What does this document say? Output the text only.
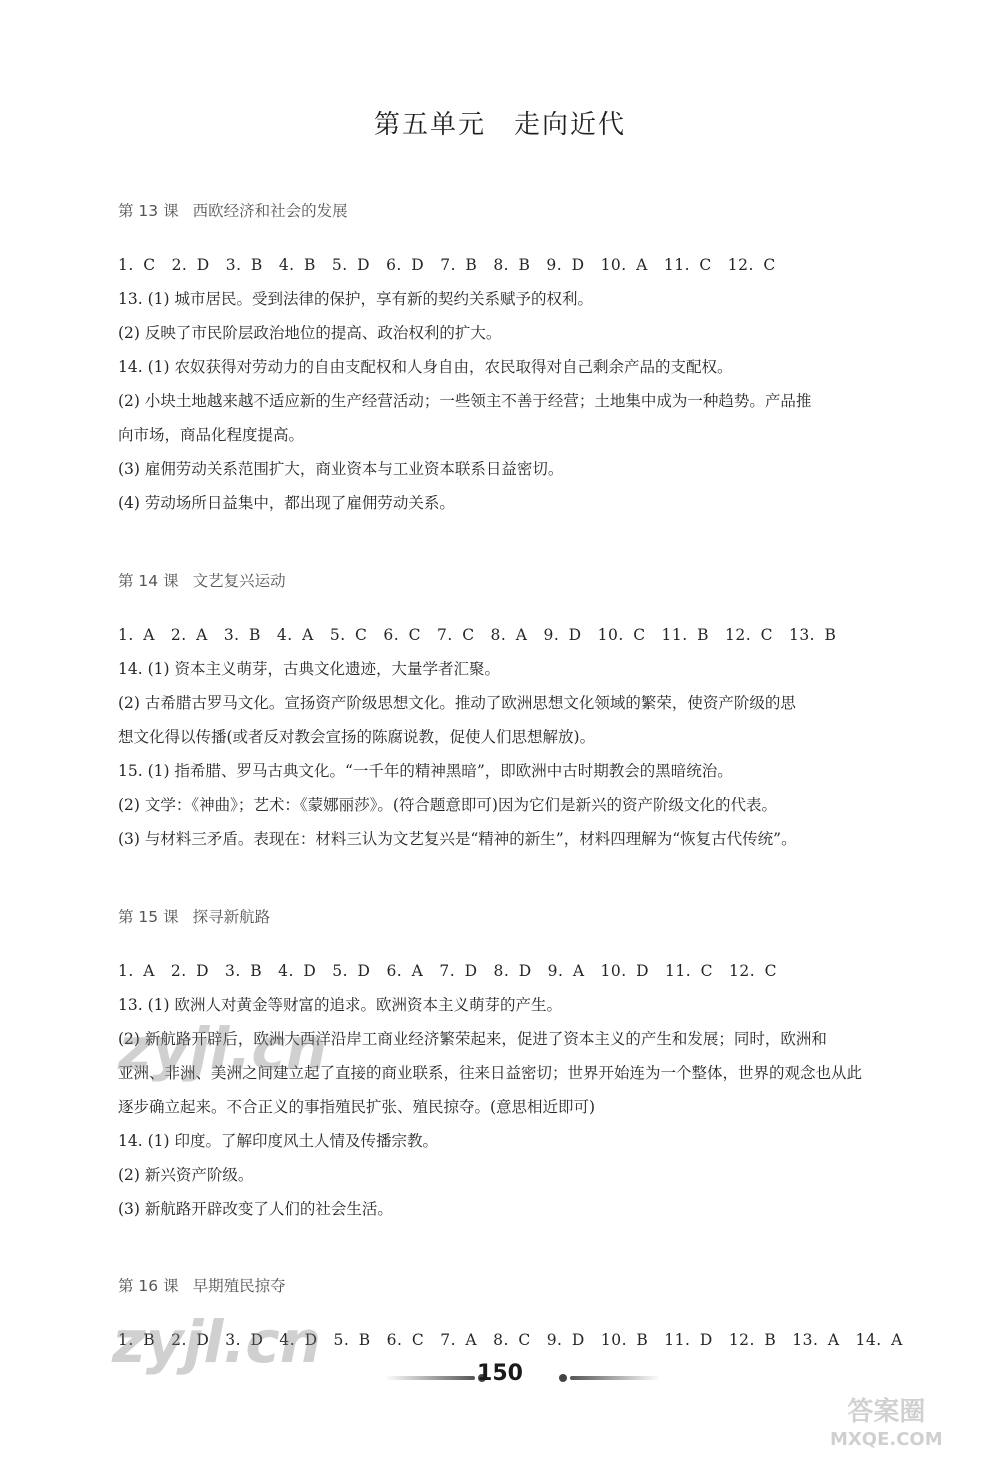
第五单元　走向近代
第 13 课 西欧经济和社会的发展
1. C　2. D　3. B　4. B　5. D　6. D　7. B　8. B　9. D　10. A　11. C　12. C
13. (1) 城市居民。受到法律的保护，享有新的契约关系赋予的权利。
(2) 反映了市民阶层政治地位的提高、政治权利的扩大。
14. (1) 农奴获得对劳动力的自由支配权和人身自由，农民取得对自己剩余产品的支配权。
(2) 小块土地越来越不适应新的生产经营活动；一些领主不善于经营；土地集中成为一种趋势。产品推
向市场，商品化程度提高。
(3) 雇佣劳动关系范围扩大，商业资本与工业资本联系日益密切。
(4) 劳动场所日益集中，都出现了雇佣劳动关系。
第 14 课 文艺复兴运动
1. A　2. A　3. B　4. A　5. C　6. C　7. C　8. A　9. D　10. C　11. B　12. C　13. B
14. (1) 资本主义萌芽，古典文化遗迹，大量学者汇聚。
(2) 古希腊古罗马文化。宣扬资产阶级思想文化。推动了欧洲思想文化领域的繁荣，使资产阶级的思
想文化得以传播(或者反对教会宣扬的陈腐说教，促使人们思想解放)。
15. (1) 指希腊、罗马古典文化。“一千年的精神黑暗”，即欧洲中古时期教会的黑暗统治。
(2) 文学：《神曲》；艺术：《蒙娜丽莎》。(符合题意即可)因为它们是新兴的资产阶级文化的代表。
(3) 与材料三矛盾。表现在：材料三认为文艺复兴是“精神的新生”，材料四理解为“恢复古代传统”。
第 15 课 探寻新航路
1. A　2. D　3. B　4. D　5. D　6. A　7. D　8. D　9. A　10. D　11. C　12. C
13. (1) 欧洲人对黄金等财富的追求。欧洲资本主义萌芽的产生。
(2) 新航路开辟后，欧洲大西洋沿岸工商业经济繁荣起来，促进了资本主义的产生和发展；同时，欧洲和
亚洲、非洲、美洲之间建立起了直接的商业联系，往来日益密切；世界开始连为一个整体，世界的观念也从此
逐步确立起来。不合正义的事指殖民扩张、殖民掠夺。(意思相近即可)
14. (1) 印度。了解印度风土人情及传播宗教。
(2) 新兴资产阶级。
(3) 新航路开辟改变了人们的社会生活。
第 16 课 早期殖民掠夺
1. B　2. D　3. D　4. D　5. B　6. C　7. A　8. C　9. D　10. B　11. D　12. B　13. A　14. A
zyjl.cn
zyjl.cn	150
答案圈
MXQE.COM
